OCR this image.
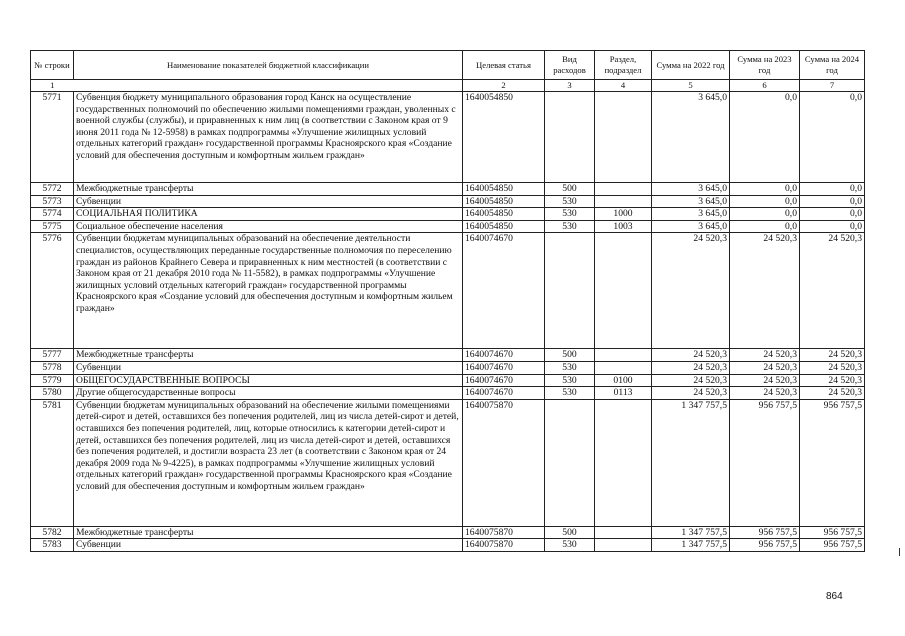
№ строки	Наименование показателей бюджетной классификации	Целевая статья	Вид расходов	Раздел, подраздел	Сумма на 2022 год	Сумма на 2023 год	Сумма на 2024 год
1		2	3	4	5	6	7
5771	Субвенция бюджету муниципального образования город Канск на осуществление государственных полномочий по обеспечению жилыми помещениями граждан, уволенных с военной службы (службы), и приравненных к ним лиц (в соответствии с Законом края от 9 июня 2011 года № 12-5958) в рамках подпрограммы «Улучшение жилищных условий отдельных категорий граждан» государственной программы Красноярского края «Создание условий для обеспечения доступным и комфортным жильем граждан»	1640054850			3 645,0	0,0	0,0
5772	Межбюджетные трансферты	1640054850	500		3 645,0	0,0	0,0
5773	Субвенции	1640054850	530		3 645,0	0,0	0,0
5774	СОЦИАЛЬНАЯ ПОЛИТИКА	1640054850	530	1000	3 645,0	0,0	0,0
5775	Социальное обеспечение населения	1640054850	530	1003	3 645,0	0,0	0,0
5776	Субвенции бюджетам муниципальных образований на обеспечение деятельности специалистов, осуществляющих переданные государственные полномочия по переселению граждан из районов Крайнего Севера и приравненных к ним местностей (в соответствии с Законом края от 21 декабря 2010 года № 11-5582), в рамках подпрограммы «Улучшение жилищных условий отдельных категорий граждан» государственной программы Красноярского края «Создание условий для обеспечения доступным и комфортным жильем граждан»	1640074670			24 520,3	24 520,3	24 520,3
5777	Межбюджетные трансферты	1640074670	500		24 520,3	24 520,3	24 520,3
5778	Субвенции	1640074670	530		24 520,3	24 520,3	24 520,3
5779	ОБЩЕГОСУДАРСТВЕННЫЕ ВОПРОСЫ	1640074670	530	0100	24 520,3	24 520,3	24 520,3
5780	Другие общегосударственные вопросы	1640074670	530	0113	24 520,3	24 520,3	24 520,3
5781	Субвенции бюджетам муниципальных образований на обеспечение жилыми помещениями детей-сирот и детей, оставшихся без попечения родителей, лиц из числа детей-сирот и детей, оставшихся без попечения родителей, лиц, которые относились к категории детей-сирот и детей, оставшихся без попечения родителей, лиц из числа детей-сирот и детей, оставшихся без попечения родителей, и достигли возраста 23 лет (в соответствии с Законом края от 24 декабря 2009 года № 9-4225), в рамках подпрограммы «Улучшение жилищных условий отдельных категорий граждан» государственной программы Красноярского края «Создание условий для обеспечения доступным и комфортным жильем граждан»	1640075870			1 347 757,5	956 757,5	956 757,5
5782	Межбюджетные трансферты	1640075870	500		1 347 757,5	956 757,5	956 757,5
5783	Субвенции	1640075870	530		1 347 757,5	956 757,5	956 757,5
864
